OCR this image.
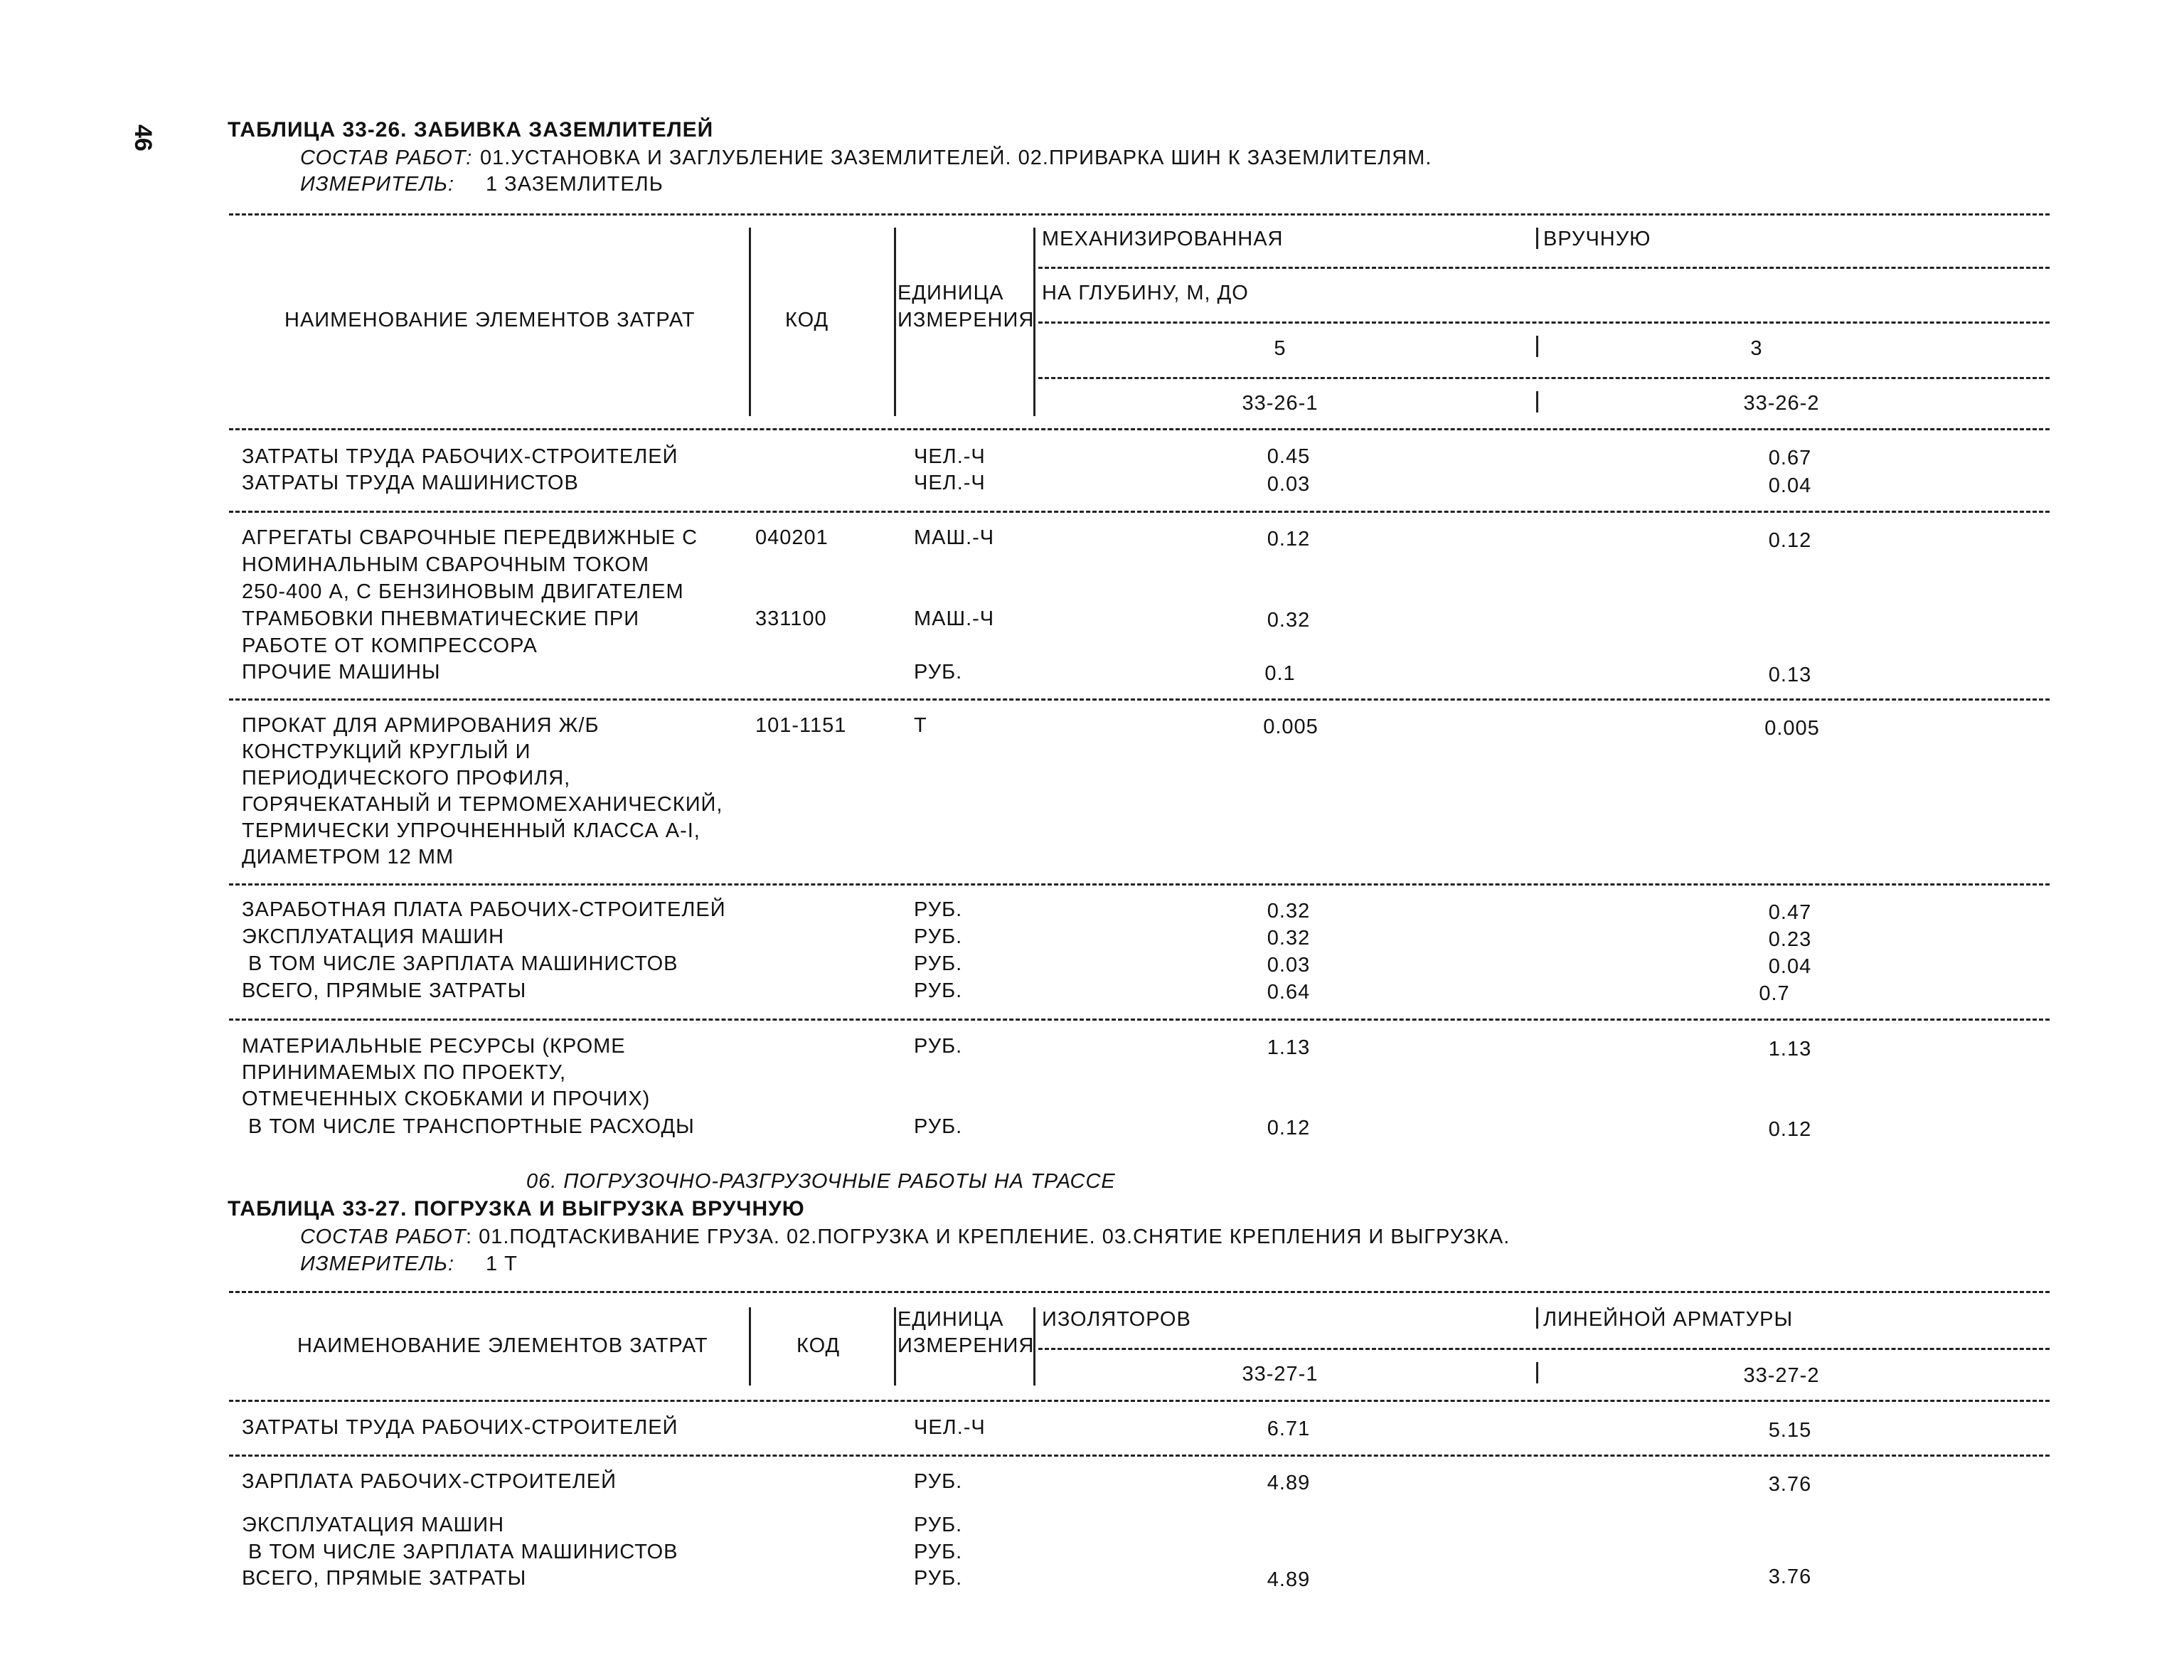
46	ТАБЛИЦА 33-26. ЗАБИВКА ЗАЗЕМЛИТЕЛЕЙ
СОСТАВ РАБОТ: 01.УСТАНОВКА И ЗАГЛУБЛЕНИЕ ЗАЗЕМЛИТЕЛЕЙ. 02.ПРИВАРКА ШИН К ЗАЗЕМЛИТЕЛЯМ.
ИЗМЕРИТЕЛЬ: 1 ЗАЗЕМЛИТЕЛЬ
НАИМЕНОВАНИЕ ЭЛЕМЕНТОВ ЗАТРАТ	КОД
ЕДИНИЦА
ИЗМЕРЕНИЯ
МЕХАНИЗИРОВАННАЯ	ВРУЧНУЮ
НА ГЛУБИНУ, М, ДО
5	3
33-26-1	33-26-2
ЗАТРАТЫ ТРУДА РАБОЧИХ-СТРОИТЕЛЕЙ	ЧЕЛ.-Ч	0.45	0.67
ЗАТРАТЫ ТРУДА МАШИНИСТОВ	ЧЕЛ.-Ч	0.03	0.04
АГРЕГАТЫ СВАРОЧНЫЕ ПЕРЕДВИЖНЫЕ С
НОМИНАЛЬНЫМ СВАРОЧНЫМ ТОКОМ
250-400 А, С БЕНЗИНОВЫМ ДВИГАТЕЛЕМ
040201	МАШ.-Ч	0.12	0.12
ТРАМБОВКИ ПНЕВМАТИЧЕСКИЕ ПРИ
РАБОТЕ ОТ КОМПРЕССОРА
331100	МАШ.-Ч	0.32
ПРОЧИЕ МАШИНЫ	РУБ.	0.1	0.13
ПРОКАТ ДЛЯ АРМИРОВАНИЯ Ж/Б
КОНСТРУКЦИЙ КРУГЛЫЙ И
ПЕРИОДИЧЕСКОГО ПРОФИЛЯ,
ГОРЯЧЕКАТАНЫЙ И ТЕРМОМЕХАНИЧЕСКИЙ,
ТЕРМИЧЕСКИ УПРОЧНЕННЫЙ КЛАССА А-I,
ДИАМЕТРОМ 12 ММ
101-1151	Т	0.005	0.005
ЗАРАБОТНАЯ ПЛАТА РАБОЧИХ-СТРОИТЕЛЕЙ	РУБ.	0.32	0.47
ЭКСПЛУАТАЦИЯ МАШИН	РУБ.	0.32	0.23
В ТОМ ЧИСЛЕ ЗАРПЛАТА МАШИНИСТОВ	РУБ.	0.03	0.04
ВСЕГО, ПРЯМЫЕ ЗАТРАТЫ	РУБ.	0.64	0.7
МАТЕРИАЛЬНЫЕ РЕСУРСЫ (КРОМЕ
ПРИНИМАЕМЫХ ПО ПРОЕКТУ,
ОТМЕЧЕННЫХ СКОБКАМИ И ПРОЧИХ)
РУБ.	1.13	1.13
В ТОМ ЧИСЛЕ ТРАНСПОРТНЫЕ РАСХОДЫ	РУБ.	0.12	0.12
06. ПОГРУЗОЧНО-РАЗГРУЗОЧНЫЕ РАБОТЫ НА ТРАССЕ
ТАБЛИЦА 33-27. ПОГРУЗКА И ВЫГРУЗКА ВРУЧНУЮ
СОСТАВ РАБОТ : 01.ПОДТАСКИВАНИЕ ГРУЗА. 02.ПОГРУЗКА И КРЕПЛЕНИЕ. 03.СНЯТИЕ КРЕПЛЕНИЯ И ВЫГРУЗКА.
ИЗМЕРИТЕЛЬ: 1 Т
НАИМЕНОВАНИЕ ЭЛЕМЕНТОВ ЗАТРАТ	КОД
ЕДИНИЦА
ИЗМЕРЕНИЯ
ИЗОЛЯТОРОВ	ЛИНЕЙНОЙ АРМАТУРЫ
33-27-1	33-27-2
ЗАТРАТЫ ТРУДА РАБОЧИХ-СТРОИТЕЛЕЙ	ЧЕЛ.-Ч	6.71	5.15
ЗАРПЛАТА РАБОЧИХ-СТРОИТЕЛЕЙ	РУБ.	4.89	3.76
ЭКСПЛУАТАЦИЯ МАШИН	РУБ.
В ТОМ ЧИСЛЕ ЗАРПЛАТА МАШИНИСТОВ	РУБ.
ВСЕГО, ПРЯМЫЕ ЗАТРАТЫ	РУБ.	4.89	3.76
